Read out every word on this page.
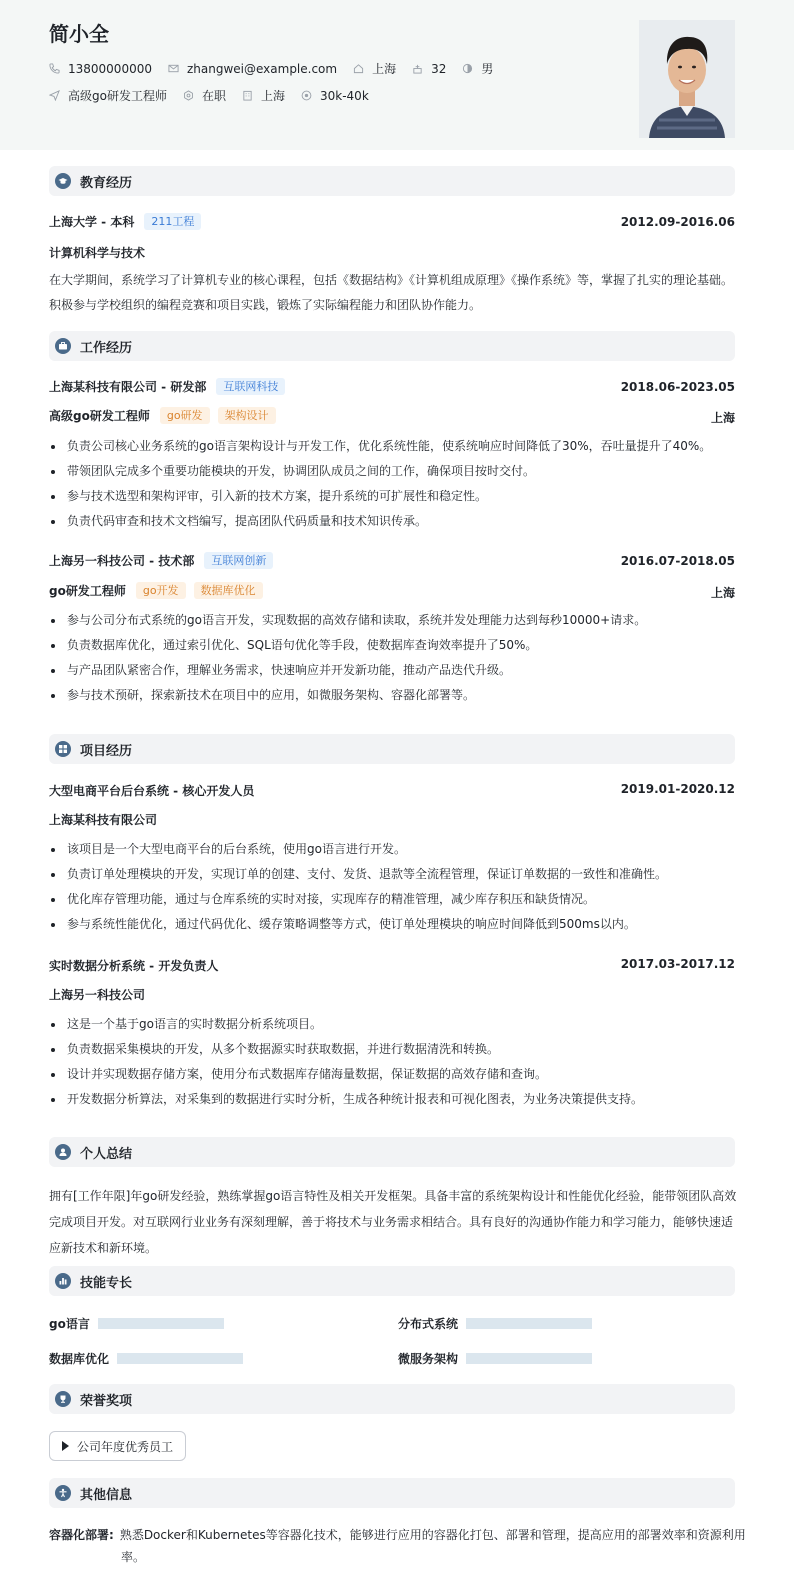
简小全
13800000000	zhangwei@example.com	上海	32	男
高级go研发工程师	在职	上海	30k-40k
教育经历
上海大学 - 本科	211工程	2012.09-2016.06
计算机科学与技术
在大学期间，系统学习了计算机专业的核心课程，包括《数据结构》《计算机组成原理》《操作系统》等，掌握了扎实的理论基础。
积极参与学校组织的编程竞赛和项目实践，锻炼了实际编程能力和团队协作能力。
工作经历
上海某科技有限公司 - 研发部	互联网科技	2018.06-2023.05
高级go研发工程师	go研发	架构设计	上海
负责公司核心业务系统的go语言架构设计与开发工作，优化系统性能，使系统响应时间降低了30%，吞吐量提升了40%。
带领团队完成多个重要功能模块的开发，协调团队成员之间的工作，确保项目按时交付。
参与技术选型和架构评审，引入新的技术方案，提升系统的可扩展性和稳定性。
负责代码审查和技术文档编写，提高团队代码质量和技术知识传承。
上海另一科技公司 - 技术部	互联网创新	2016.07-2018.05
go研发工程师	go开发	数据库优化	上海
参与公司分布式系统的go语言开发，实现数据的高效存储和读取，系统并发处理能力达到每秒10000+请求。
负责数据库优化，通过索引优化、SQL语句优化等手段，使数据库查询效率提升了50%。
与产品团队紧密合作，理解业务需求，快速响应并开发新功能，推动产品迭代升级。
参与技术预研，探索新技术在项目中的应用，如微服务架构、容器化部署等。
项目经历
大型电商平台后台系统 - 核心开发人员	2019.01-2020.12
上海某科技有限公司
该项目是一个大型电商平台的后台系统，使用go语言进行开发。
负责订单处理模块的开发，实现订单的创建、支付、发货、退款等全流程管理，保证订单数据的一致性和准确性。
优化库存管理功能，通过与仓库系统的实时对接，实现库存的精准管理，减少库存积压和缺货情况。
参与系统性能优化，通过代码优化、缓存策略调整等方式，使订单处理模块的响应时间降低到500ms以内。
实时数据分析系统 - 开发负责人	2017.03-2017.12
上海另一科技公司
这是一个基于go语言的实时数据分析系统项目。
负责数据采集模块的开发，从多个数据源实时获取数据，并进行数据清洗和转换。
设计并实现数据存储方案，使用分布式数据库存储海量数据，保证数据的高效存储和查询。
开发数据分析算法，对采集到的数据进行实时分析，生成各种统计报表和可视化图表，为业务决策提供支持。
个人总结
拥有[工作年限]年go研发经验，熟练掌握go语言特性及相关开发框架。具备丰富的系统架构设计和性能优化经验，能带领团队高效
完成项目开发。对互联网行业业务有深刻理解，善于将技术与业务需求相结合。具有良好的沟通协作能力和学习能力，能够快速适
应新技术和新环境。
技能专长
go语言	分布式系统
数据库优化	微服务架构
荣誉奖项
公司年度优秀员工
其他信息
容器化部署: 熟悉Docker和Kubernetes等容器化技术，能够进行应用的容器化打包、部署和管理，提高应用的部署效率和资源利用
率。
